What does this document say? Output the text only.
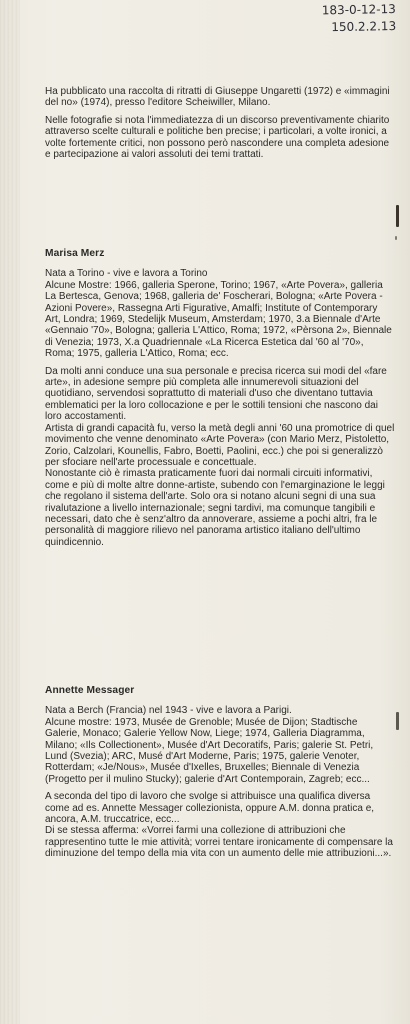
183-0-12-13
150.2.2.13

Ha pubblicato una raccolta di ritratti di Giuseppe Ungaretti (1972) e «immagini del no» (1974), presso l'editore Scheiwiller, Milano.

Nelle fotografie si nota l'immediatezza di un discorso preventivamente chiarito attraverso scelte culturali e politiche ben precise; i particolari, a volte ironici, a volte fortemente critici, non possono però nascondere una completa adesione e partecipazione ai valori assoluti dei temi trattati.

Marisa Merz

Nata a Torino - vive e lavora a Torino

Alcune Mostre: 1966, galleria Sperone, Torino; 1967, «Arte Povera», galleria La Bertesca, Genova; 1968, galleria de' Foscherari, Bologna; «Arte Povera - Azioni Povere», Rassegna Arti Figurative, Amalfi; Institute of Contemporary Art, Londra; 1969, Stedelijk Museum, Amsterdam; 1970, 3.a Biennale d'Arte «Gennaio '70», Bologna; galleria L'Attico, Roma; 1972, «Pèrsona 2», Biennale di Venezia; 1973, X.a Quadriennale «La Ricerca Estetica dal '60 al '70», Roma; 1975, galleria L'Attico, Roma; ecc.

Da molti anni conduce una sua personale e precisa ricerca sui modi del «fare arte», in adesione sempre più completa alle innumerevoli situazioni del quotidiano, servendosi soprattutto di materiali d'uso che diventano tuttavia emblematici per la loro collocazione e per le sottili tensioni che nascono dai loro accostamenti.

Artista di grandi capacità fu, verso la metà degli anni '60 una promotrice di quel movimento che venne denominato «Arte Povera» (con Mario Merz, Pistoletto, Zorio, Calzolari, Kounellis, Fabro, Boetti, Paolini, ecc.) che poi si generalizzò per sfociare nell'arte processuale e concettuale.

Nonostante ciò è rimasta praticamente fuori dai normali circuiti informativi, come e più di molte altre donne-artiste, subendo con l'emarginazione le leggi che regolano il sistema dell'arte. Solo ora si notano alcuni segni di una sua rivalutazione a livello internazionale; segni tardivi, ma comunque tangibili e necessari, dato che è senz'altro da annoverare, assieme a pochi altri, fra le personalità di maggiore rilievo nel panorama artistico italiano dell'ultimo quindicennio.

Annette Messager

Nata a Berch (Francia) nel 1943 - vive e lavora a Parigi.

Alcune mostre: 1973, Musée de Grenoble; Musée de Dijon; Stadtische Galerie, Monaco; Galerie Yellow Now, Liege; 1974, Galleria Diagramma, Milano; «Ils Collectionent», Musée d'Art Decoratifs, Paris; galerie St. Petri, Lund (Svezia); ARC, Musé d'Art Moderne, Paris; 1975, galerie Venoter, Rotterdam; «Je/Nous», Musée d'Ixelles, Bruxelles; Biennale di Venezia (Progetto per il mulino Stucky); galerie d'Art Contemporain, Zagreb; ecc...

A seconda del tipo di lavoro che svolge si attribuisce una qualifica diversa come ad es. Annette Messager collezionista, oppure A.M. donna pratica e, ancora, A.M. truccatrice, ecc...

Di se stessa afferma: «Vorrei farmi una collezione di attribuzioni che rappresentino tutte le mie attività; vorrei tentare ironicamente di compensare la diminuzione del tempo della mia vita con un aumento delle mie attribuzioni...».
